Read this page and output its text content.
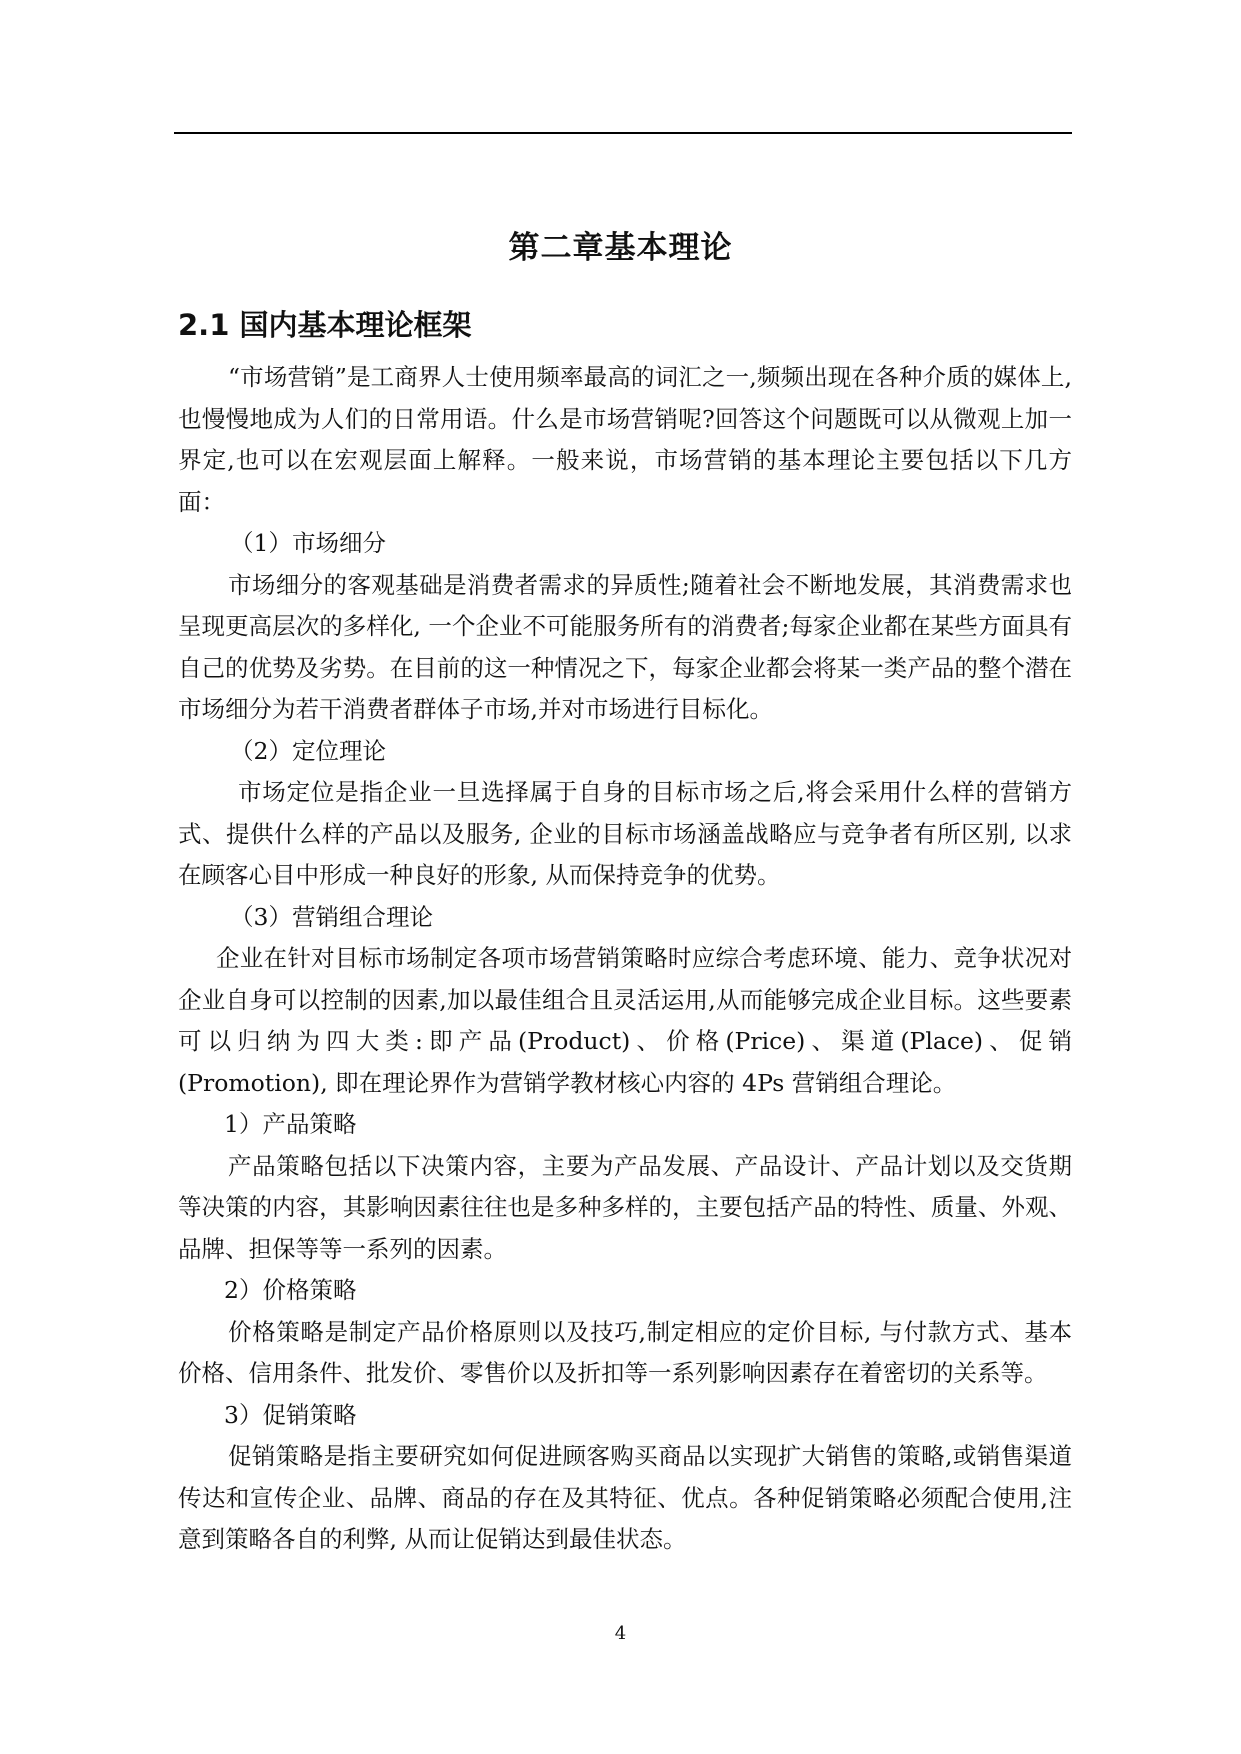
第二章基本理论
2.1 国内基本理论框架

“市场营销”是工商界人士使用频率最高的词汇之一,频频出现在各种介质的媒体上,也慢慢地成为人们的日常用语。什么是市场营销呢?回答这个问题既可以从微观上加一界定,也可以在宏观层面上解释。一般来说，市场营销的基本理论主要包括以下几方面：

（1）市场细分

市场细分的客观基础是消费者需求的异质性;随着社会不断地发展，其消费需求也呈现更高层次的多样化, 一个企业不可能服务所有的消费者;每家企业都在某些方面具有自己的优势及劣势。在目前的这一种情况之下，每家企业都会将某一类产品的整个潜在市场细分为若干消费者群体子市场,并对市场进行目标化。

（2）定位理论

市场定位是指企业一旦选择属于自身的目标市场之后,将会采用什么样的营销方式、提供什么样的产品以及服务, 企业的目标市场涵盖战略应与竞争者有所区别, 以求在顾客心目中形成一种良好的形象, 从而保持竞争的优势。

（3）营销组合理论

企业在针对目标市场制定各项市场营销策略时应综合考虑环境、能力、竞争状况对企业自身可以控制的因素,加以最佳组合且灵活运用,从而能够完成企业目标。这些要素可以归纳为四大类:即产品(Product)、价格(Price)、渠道(Place)、促销(Promotion), 即在理论界作为营销学教材核心内容的 4Ps 营销组合理论。

1）产品策略

产品策略包括以下决策内容，主要为产品发展、产品设计、产品计划以及交货期等决策的内容，其影响因素往往也是多种多样的，主要包括产品的特性、质量、外观、品牌、担保等等一系列的因素。

2）价格策略

价格策略是制定产品价格原则以及技巧,制定相应的定价目标, 与付款方式、基本价格、信用条件、批发价、零售价以及折扣等一系列影响因素存在着密切的关系等。

3）促销策略

促销策略是指主要研究如何促进顾客购买商品以实现扩大销售的策略,或销售渠道传达和宣传企业、品牌、商品的存在及其特征、优点。各种促销策略必须配合使用,注意到策略各自的利弊, 从而让促销达到最佳状态。

4
